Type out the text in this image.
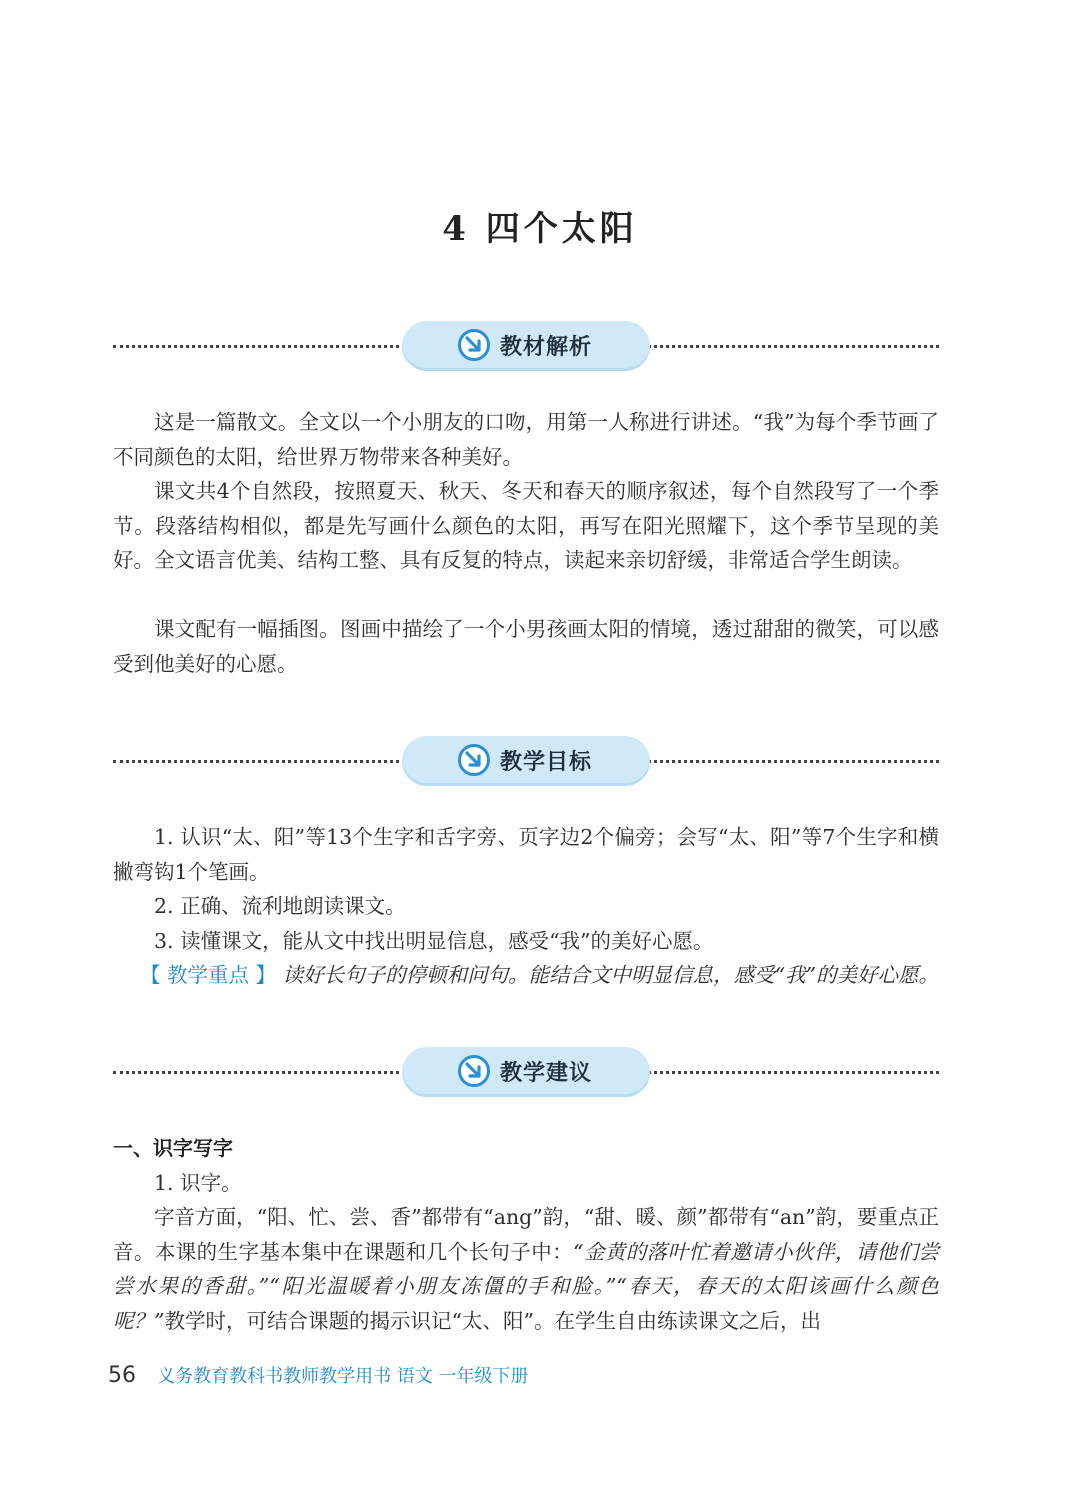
4 四个太阳
教材解析

这是一篇散文。全文以一个小朋友的口吻，用第一人称进行讲述。“我”为每个季节画了不同颜色的太阳，给世界万物带来各种美好。

课文共4个自然段，按照夏天、秋天、冬天和春天的顺序叙述，每个自然段写了一个季节。段落结构相似，都是先写画什么颜色的太阳，再写在阳光照耀下，这个季节呈现的美好。全文语言优美、结构工整、具有反复的特点，读起来亲切舒缓，非常适合学生朗读。

课文配有一幅插图。图画中描绘了一个小男孩画太阳的情境，透过甜甜的微笑，可以感受到他美好的心愿。

教学目标

1. 认识“太、阳”等13个生字和舌字旁、页字边2个偏旁；会写“太、阳”等7个生字和横撇弯钩1个笔画。

2. 正确、流利地朗读课文。

3. 读懂课文，能从文中找出明显信息，感受“我”的美好心愿。

【 教学重点 】 读好长句子的停顿和问句。能结合文中明显信息，感受“我”的美好心愿。

教学建议
一、识字写字

1. 识字。

字音方面，“阳、忙、尝、香”都带有“ang”韵，“甜、暖、颜”都带有“an”韵，要重点正音。本课的生字基本集中在课题和几个长句子中：“金黄的落叶忙着邀请小伙伴，请他们尝尝水果的香甜。”“阳光温暖着小朋友冻僵的手和脸。”“春天，春天的太阳该画什么颜色呢？”教学时，可结合课题的揭示识记“太、阳”。在学生自由练读课文之后，出

56 义务教育教科书教师教学用书 语文 一年级下册
